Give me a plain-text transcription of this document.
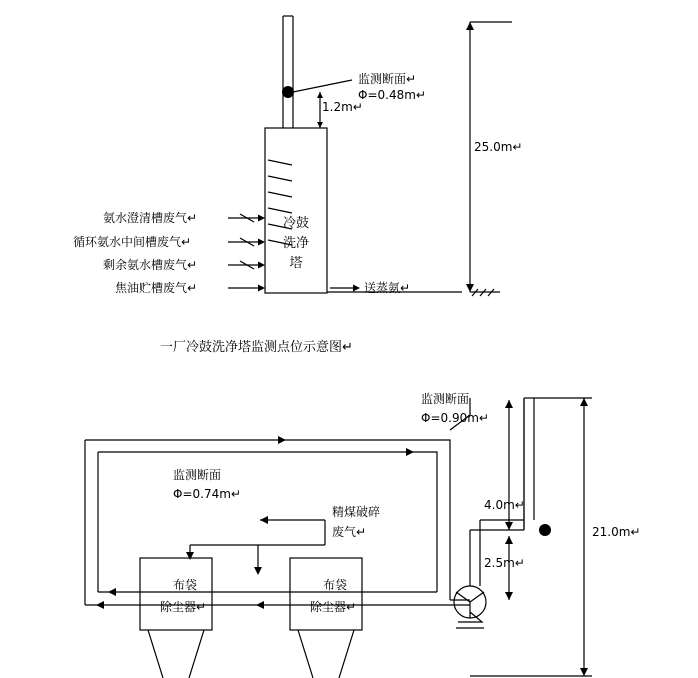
监测断面↵
Φ=0.48m↵
1.2m↵
25.0m↵
冷鼓
洗净
塔
氨水澄清槽废气↵
循环氨水中间槽废气↵
剩余氨水槽废气↵
焦油贮槽废气↵	送蒸氨↵
一厂冷鼓洗净塔监测点位示意图↵
监测断面
Φ=0.90m↵
监测断面
Φ=0.74m↵
精煤破碎
废气↵
布袋
除尘器↵
布袋
除尘器↵
4.0m↵
2.5m↵
21.0m↵
